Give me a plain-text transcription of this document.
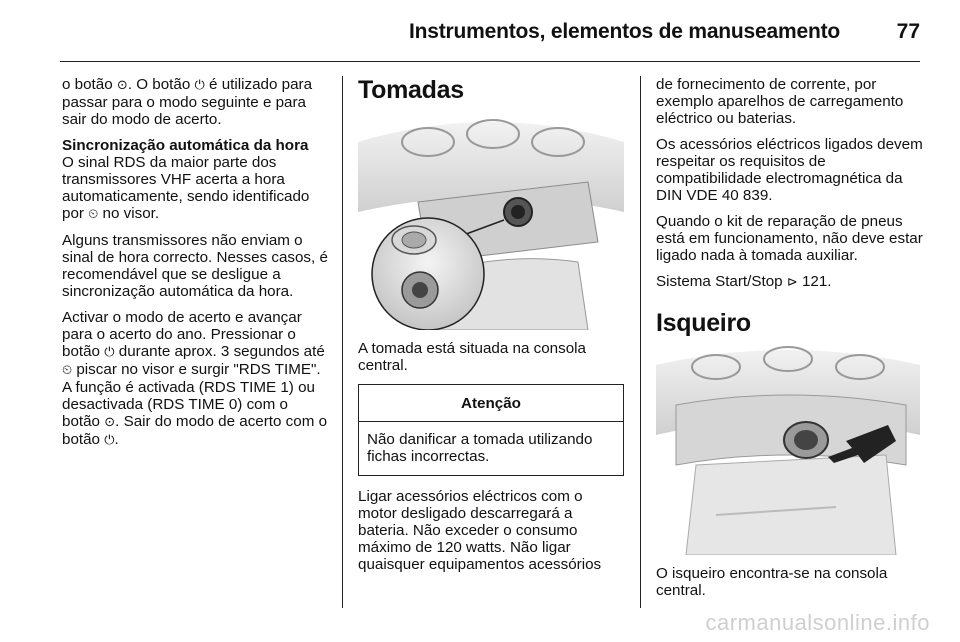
Instrumentos, elementos de manuseamento	77

o botão ⊙. O botão ⏻ é utilizado para passar para o modo seguinte e para sair do modo de acerto.

Sincronização automática da hora

O sinal RDS da maior parte dos transmissores VHF acerta a hora automaticamente, sendo identificado por ⏲ no visor.

Alguns transmissores não enviam o sinal de hora correcto. Nesses casos, é recomendável que se desligue a sincronização automática da hora.

Activar o modo de acerto e avançar para o acerto do ano. Pressionar o botão ⏻ durante aprox. 3 segundos até ⏲ piscar no visor e surgir "RDS TIME". A função é activada (RDS TIME 1) ou desactivada (RDS TIME 0) com o botão ⊙. Sair do modo de acerto com o botão ⏻.

Tomadas

A tomada está situada na consola central.

Atenção
Não danificar a tomada utilizando fichas incorrectas.

Ligar acessórios eléctricos com o motor desligado descarregará a bateria. Não exceder o consumo máximo de 120 watts. Não ligar quaisquer equipamentos acessórios

de fornecimento de corrente, por exemplo aparelhos de carregamento eléctrico ou baterias.

Os acessórios eléctricos ligados devem respeitar os requisitos de compatibilidade electromagnética da DIN VDE 40 839.

Quando o kit de reparação de pneus está em funcionamento, não deve estar ligado nada à tomada auxiliar.

Sistema Start/Stop ⊳ 121.

Isqueiro

O isqueiro encontra-se na consola central.

carmanualsonline.info
